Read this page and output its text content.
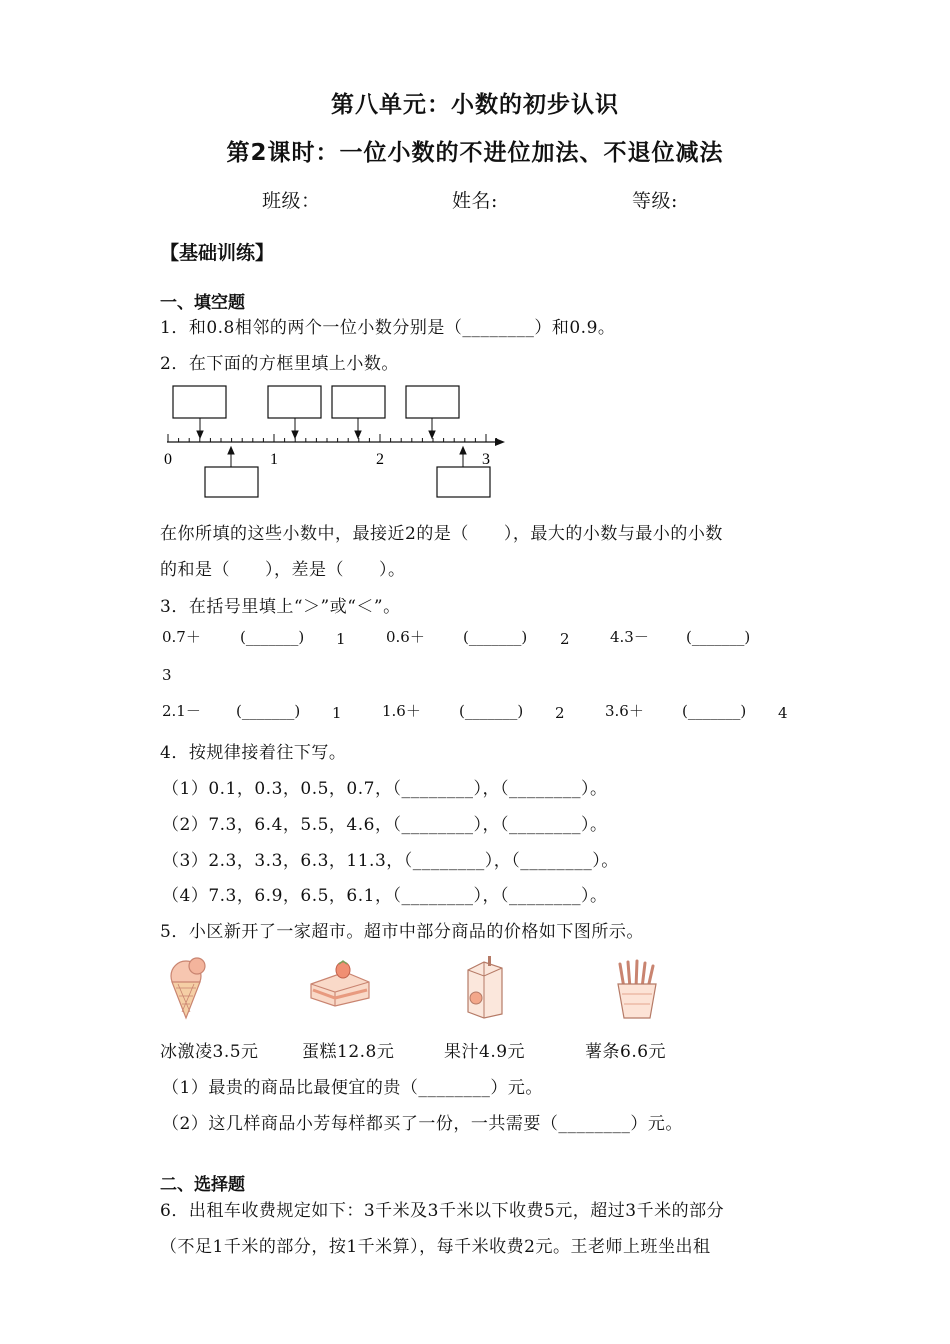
第八单元：小数的初步认识
第2课时：一位小数的不进位加法、不退位减法
班级：	姓名:	等级:
【基础训练】
一、填空题
1．和0.8相邻的两个一位小数分别是（________）和0.9。
2．在下面的方框里填上小数。
0	1	2	3
在你所填的这些小数中，最接近2的是（　　），最大的小数与最小的小数
的和是（　　），差是（　　）。
3．在括号里填上“＞”或“＜”。
0.7＋	(_______) 1	0.6＋	(_______) 2	4.3－ (_______)
3
2.1－ (_______) 1	1.6＋	(_______) 2	3.6＋	(_______) 4
4．按规律接着往下写。
（1）0.1，0.3，0.5，0.7，（________），（________）。
（2）7.3，6.4，5.5，4.6，（________），（________）。
（3）2.3，3.3，6.3，11.3，（________），（________）。
（4）7.3，6.9，6.5，6.1，（________），（________）。
5．小区新开了一家超市。超市中部分商品的价格如下图所示。
冰激凌3.5元	蛋糕12.8元	果汁4.9元	薯条6.6元
（1）最贵的商品比最便宜的贵（________）元。
（2）这几样商品小芳每样都买了一份，一共需要（________）元。
二、选择题
6．出租车收费规定如下：3千米及3千米以下收费5元，超过3千米的部分
（不足1千米的部分，按1千米算），每千米收费2元。王老师上班坐出租
